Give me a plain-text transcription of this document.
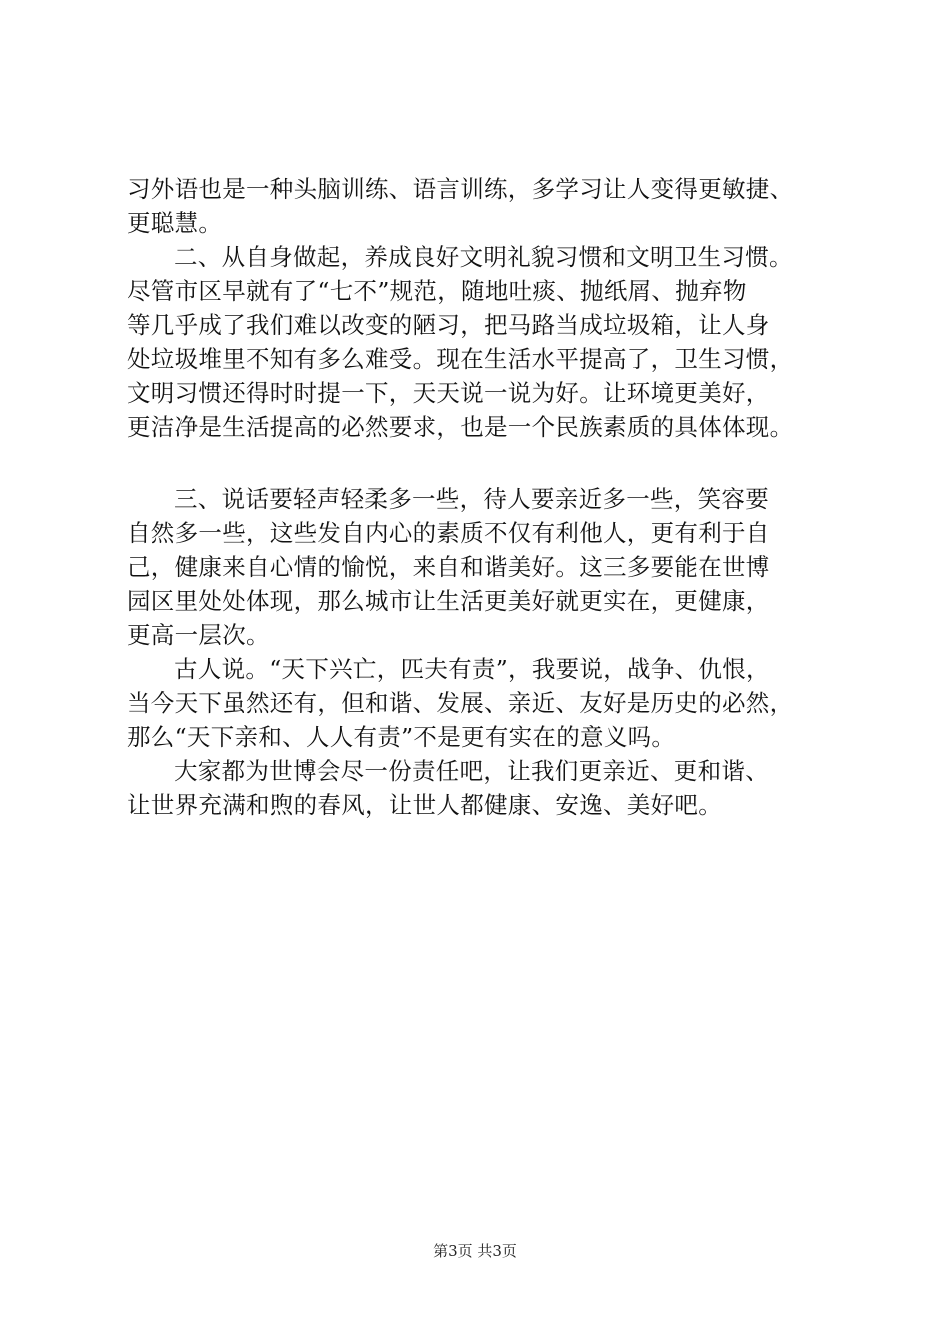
习外语也是一种头脑训练、语言训练，多学习让人变得更敏捷、
更聪慧。
二、从自身做起，养成良好文明礼貌习惯和文明卫生习惯。
尽管市区早就有了“七不”规范，随地吐痰、抛纸屑、抛弃物
等几乎成了我们难以改变的陋习，把马路当成垃圾箱，让人身
处垃圾堆里不知有多么难受。现在生活水平提高了，卫生习惯，
文明习惯还得时时提一下，天天说一说为好。让环境更美好，
更洁净是生活提高的必然要求，也是一个民族素质的具体体现。
三、说话要轻声轻柔多一些，待人要亲近多一些，笑容要
自然多一些，这些发自内心的素质不仅有利他人，更有利于自
己，健康来自心情的愉悦，来自和谐美好。这三多要能在世博
园区里处处体现，那么城市让生活更美好就更实在，更健康，
更高一层次。
古人说。“天下兴亡，匹夫有责”，我要说，战争、仇恨，
当今天下虽然还有，但和谐、发展、亲近、友好是历史的必然，
那么“天下亲和、人人有责”不是更有实在的意义吗。
大家都为世博会尽一份责任吧，让我们更亲近、更和谐、
让世界充满和煦的春风，让世人都健康、安逸、美好吧。
第3页 共3页
